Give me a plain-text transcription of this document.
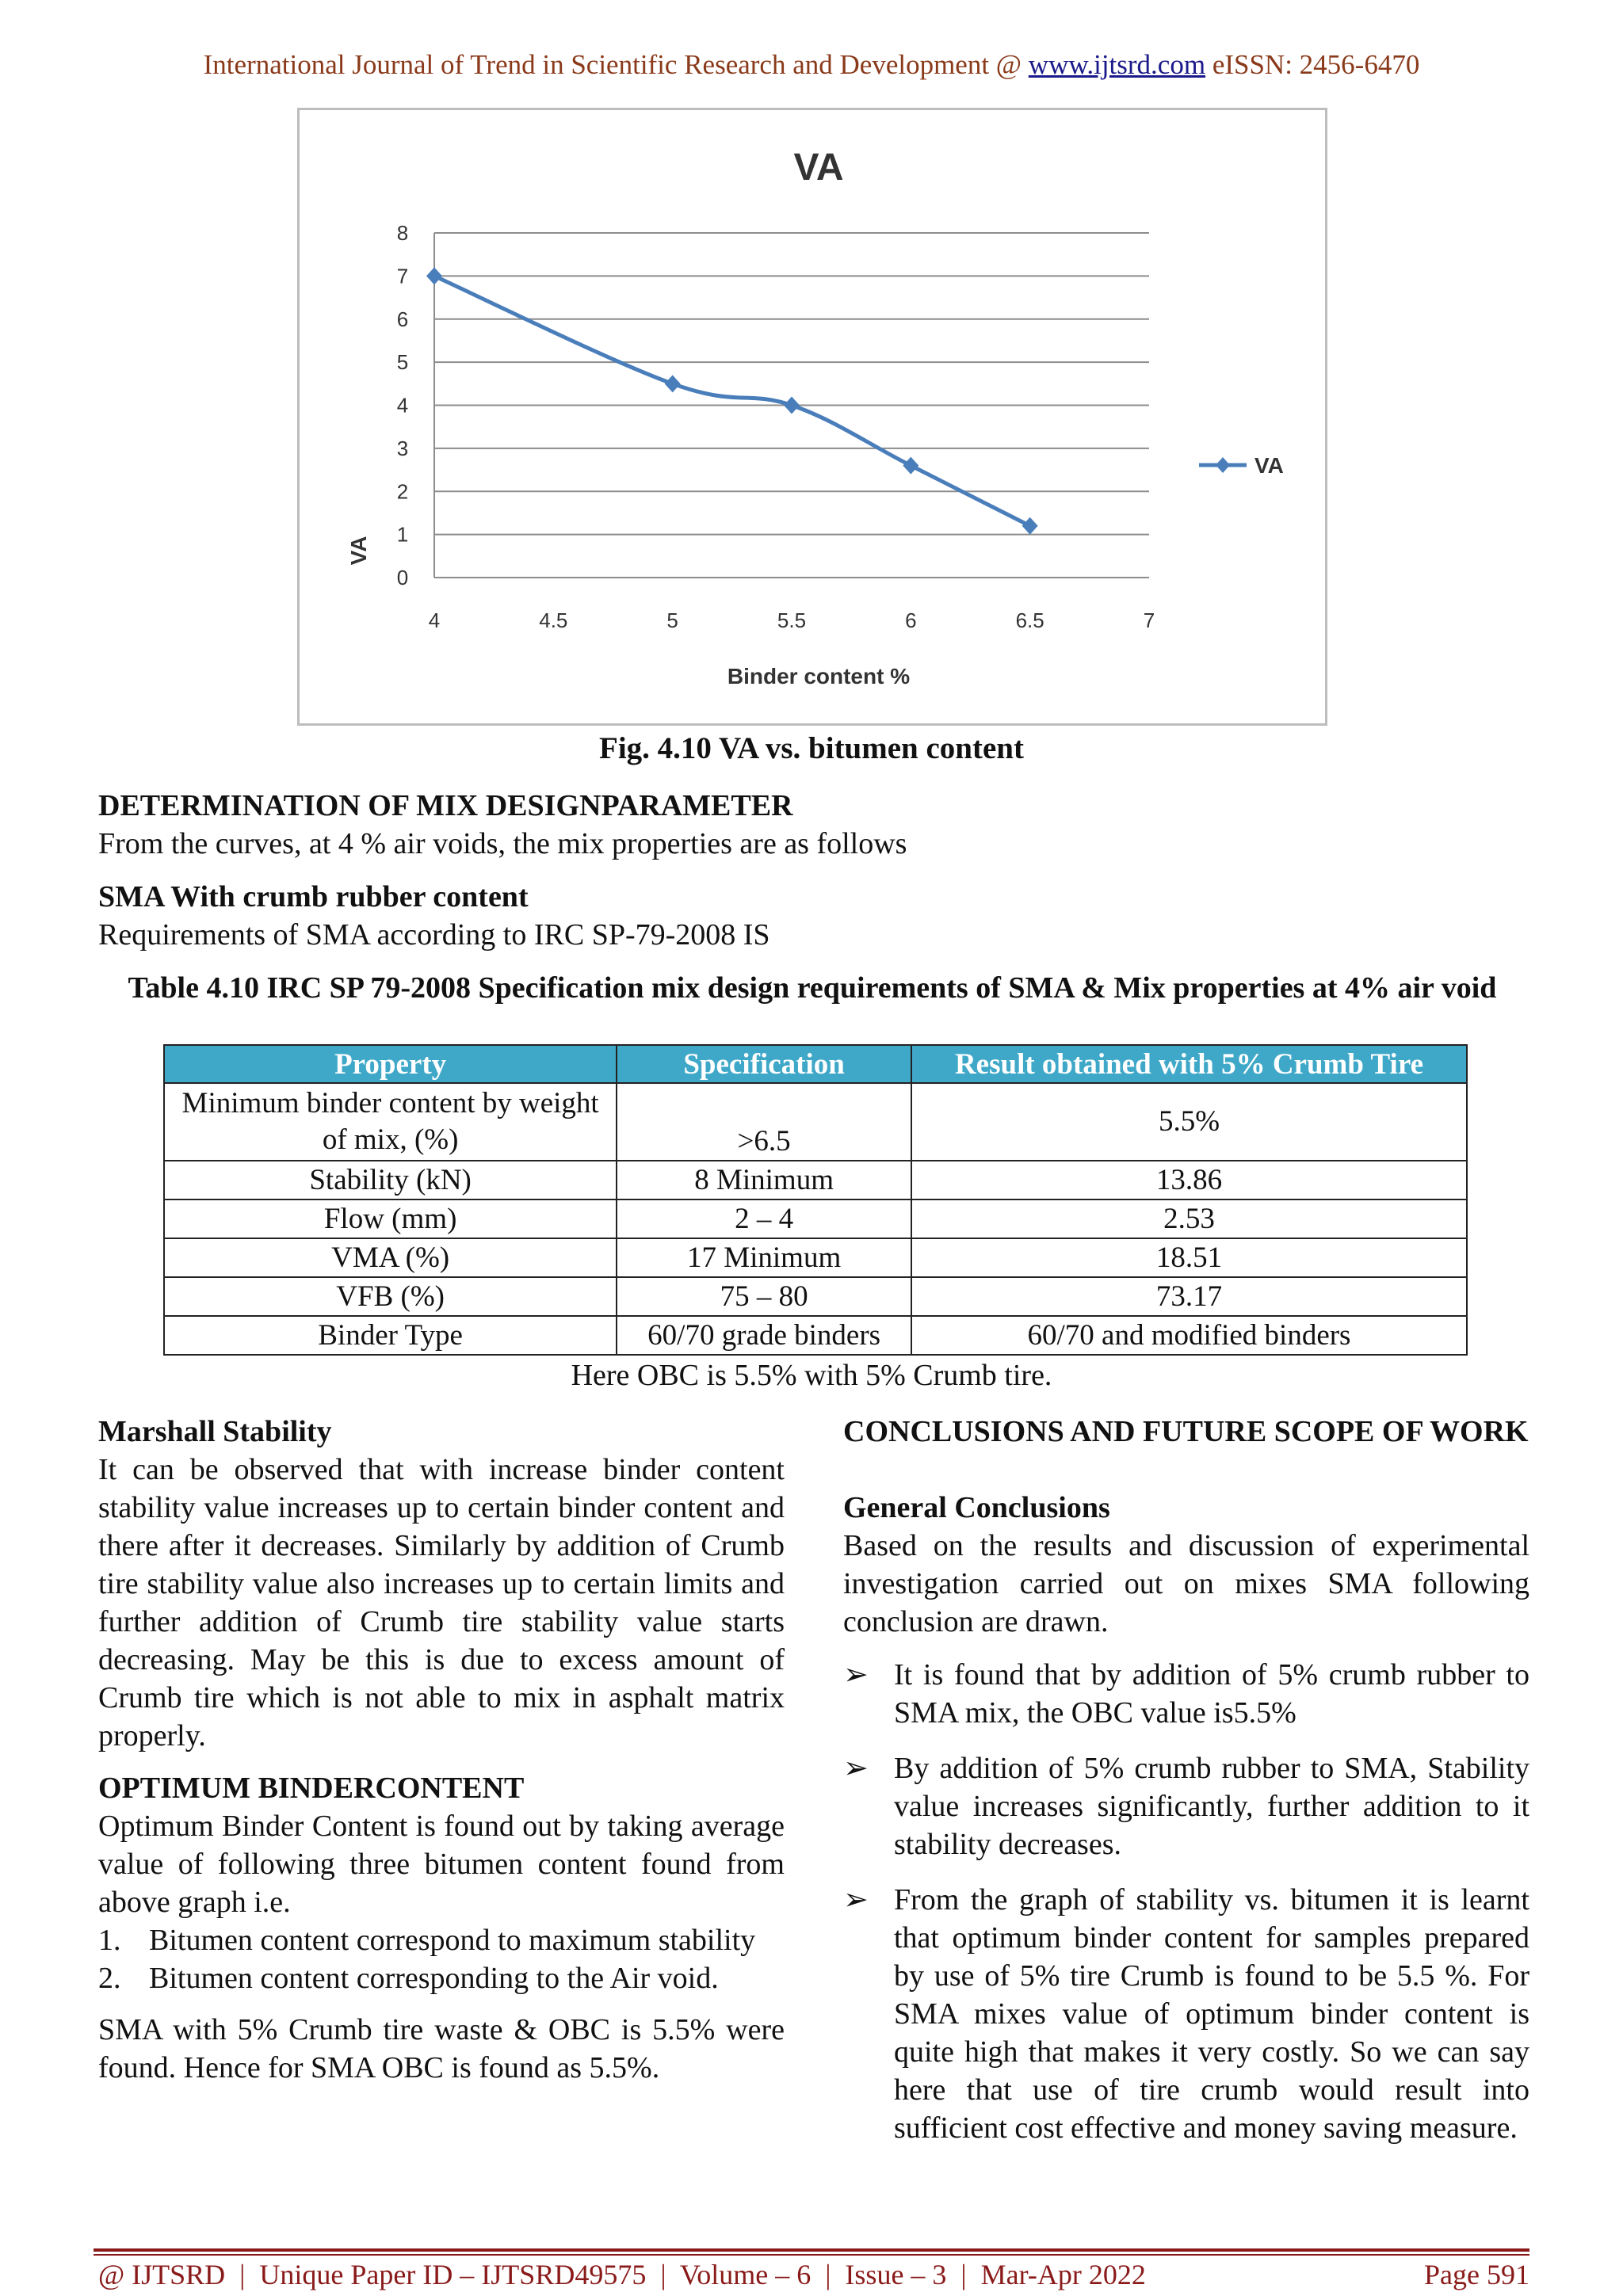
International Journal of Trend in Scientific Research and Development @ www.ijtsrd.com eISSN: 2456-6470
0
1
2
3
4
5
6
7
8
4	4.5	5	5.5	6	6.5	7
VA
Binder content %
VA
VA
Fig. 4.10 VA vs. bitumen content
DETERMINATION OF MIX DESIGNPARAMETER
From the curves, at 4 % air voids, the mix properties are as follows
SMA With crumb rubber content
Requirements of SMA according to IRC SP-79-2008 IS
Table 4.10 IRC SP 79-2008 Specification mix design requirements of SMA & Mix properties at 4% air void
Property	Specification	Result obtained with 5% Crumb Tire
Minimum binder content by weight of mix, (%)	>6.5	5.5%
Stability (kN)	8 Minimum	13.86
Flow (mm)	2 – 4	2.53
VMA (%)	17 Minimum	18.51
VFB (%)	75 – 80	73.17
Binder Type	60/70 grade binders	60/70 and modified binders
Here OBC is 5.5% with 5% Crumb tire.
Marshall Stability
It can be observed that with increase binder content stability value increases up to certain binder content and there after it decreases. Similarly by addition of Crumb tire stability value also increases up to certain limits and further addition of Crumb tire stability value starts decreasing. May be this is due to excess amount of Crumb tire which is not able to mix in asphalt matrix properly.
OPTIMUM BINDERCONTENT
Optimum Binder Content is found out by taking average value of following three bitumen content found from above graph i.e.
1. Bitumen content correspond to maximum stability
2. Bitumen content corresponding to the Air void.
SMA with 5% Crumb tire waste & OBC is 5.5% were found. Hence for SMA OBC is found as 5.5%.
CONCLUSIONS AND FUTURE SCOPE OF WORK
General Conclusions
Based on the results and discussion of experimental investigation carried out on mixes SMA following conclusion are drawn.
➢ It is found that by addition of 5% crumb rubber to SMA mix, the OBC value is5.5%
➢ By addition of 5% crumb rubber to SMA, Stability value increases significantly, further addition to it stability decreases.
➢ From the graph of stability vs. bitumen it is learnt that optimum binder content for samples prepared by use of 5% tire Crumb is found to be 5.5 %. For SMA mixes value of optimum binder content is quite high that makes it very costly. So we can say here that use of tire crumb would result into sufficient cost effective and money saving measure.
@ IJTSRD  |  Unique Paper ID – IJTSRD49575  |  Volume – 6  |  Issue – 3  |  Mar-Apr 2022	Page 591
